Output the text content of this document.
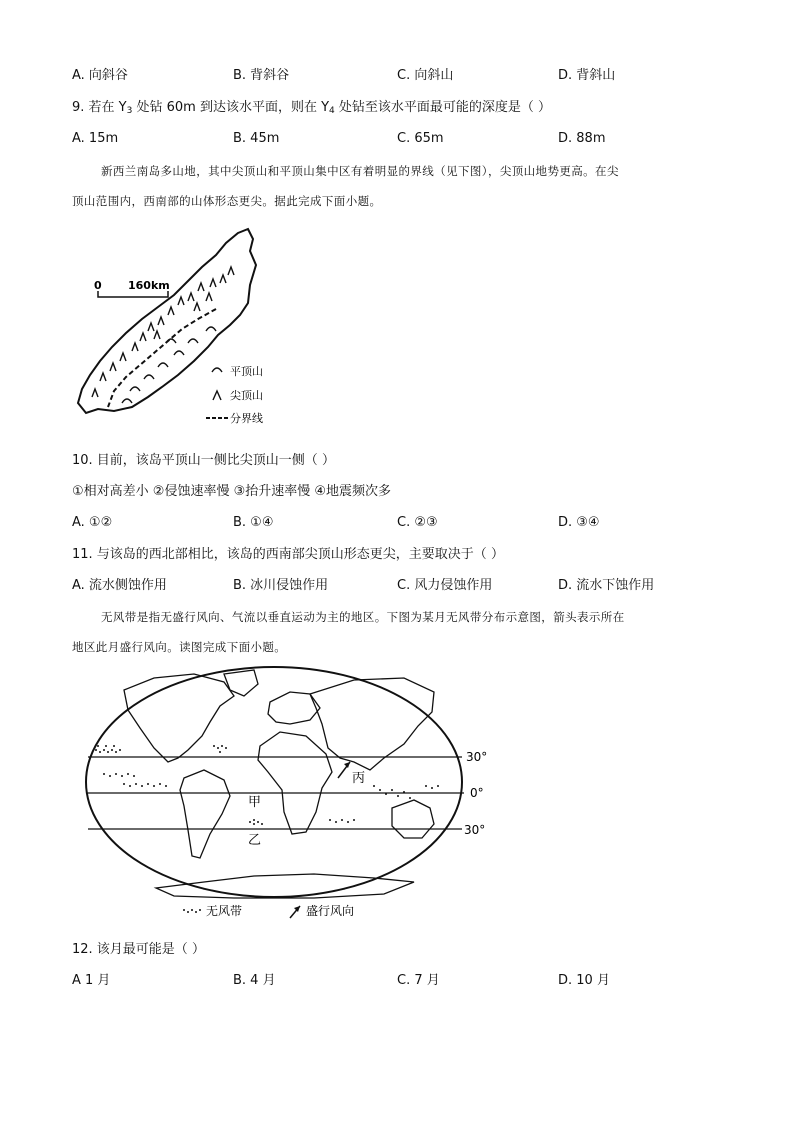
A. 向斜谷	B. 背斜谷	C. 向斜山	D. 背斜山
9. 若在 $Y_3$ 处钻 60m 到达该水平面，则在 $Y_4$ 处钻至该水平面最可能的深度是（ ）
A. 15m	B. 45m	C. 65m	D. 88m
新西兰南岛多山地，其中尖顶山和平顶山集中区有着明显的界线（见下图），尖顶山地势更高。在尖
顶山范围内，西南部的山体形态更尖。据此完成下面小题。
0 160km
平顶山
尖顶山
分界线
10. 目前，该岛平顶山一侧比尖顶山一侧（ ）
①相对高差小 ②侵蚀速率慢 ③抬升速率慢 ④地震频次多
A. ①②	B. ①④	C. ②③	D. ③④
11. 与该岛的西北部相比，该岛的西南部尖顶山形态更尖，主要取决于（ ）
A. 流水侧蚀作用	B. 冰川侵蚀作用	C. 风力侵蚀作用	D. 流水下蚀作用
无风带是指无盛行风向、气流以垂直运动为主的地区。下图为某月无风带分布示意图，箭头表示所在
地区此月盛行风向。读图完成下面小题。
30°
0°
30°
丙
甲
乙
无风带	盛行风向
12. 该月最可能是（ ）
A 1 月	B. 4 月	C. 7 月	D. 10 月
